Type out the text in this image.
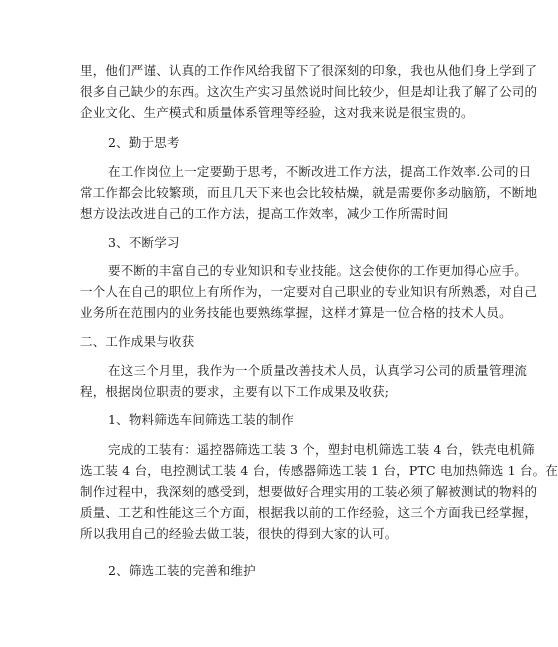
里，他们严谨、认真的工作作风给我留下了很深刻的印象，我也从他们身上学到了
很多自己缺少的东西。这次生产实习虽然说时间比较少，但是却让我了解了公司的
企业文化、生产模式和质量体系管理等经验，这对我来说是很宝贵的。
2、勤于思考
在工作岗位上一定要勤于思考，不断改进工作方法，提高工作效率.公司的日
常工作都会比较繁琐，而且几天下来也会比较枯燥，就是需要你多动脑筋，不断地
想方设法改进自己的工作方法，提高工作效率，减少工作所需时间
3、不断学习
要不断的丰富自己的专业知识和专业技能。这会使你的工作更加得心应手。
一个人在自己的职位上有所作为，一定要对自己职业的专业知识有所熟悉，对自己
业务所在范围内的业务技能也要熟练掌握，这样才算是一位合格的技术人员。
二、工作成果与收获
在这三个月里，我作为一个质量改善技术人员，认真学习公司的质量管理流
程，根据岗位职责的要求，主要有以下工作成果及收获;
1、物料筛选车间筛选工装的制作
完成的工装有：遥控器筛选工装 3 个，塑封电机筛选工装 4 台，铁壳电机筛
选工装 4 台，电控测试工装 4 台，传感器筛选工装 1 台，PTC 电加热筛选 1 台。在
制作过程中，我深刻的感受到，想要做好合理实用的工装必须了解被测试的物料的
质量、工艺和性能这三个方面，根据我以前的工作经验，这三个方面我已经掌握，
所以我用自己的经验去做工装，很快的得到大家的认可。
2、筛选工装的完善和维护
